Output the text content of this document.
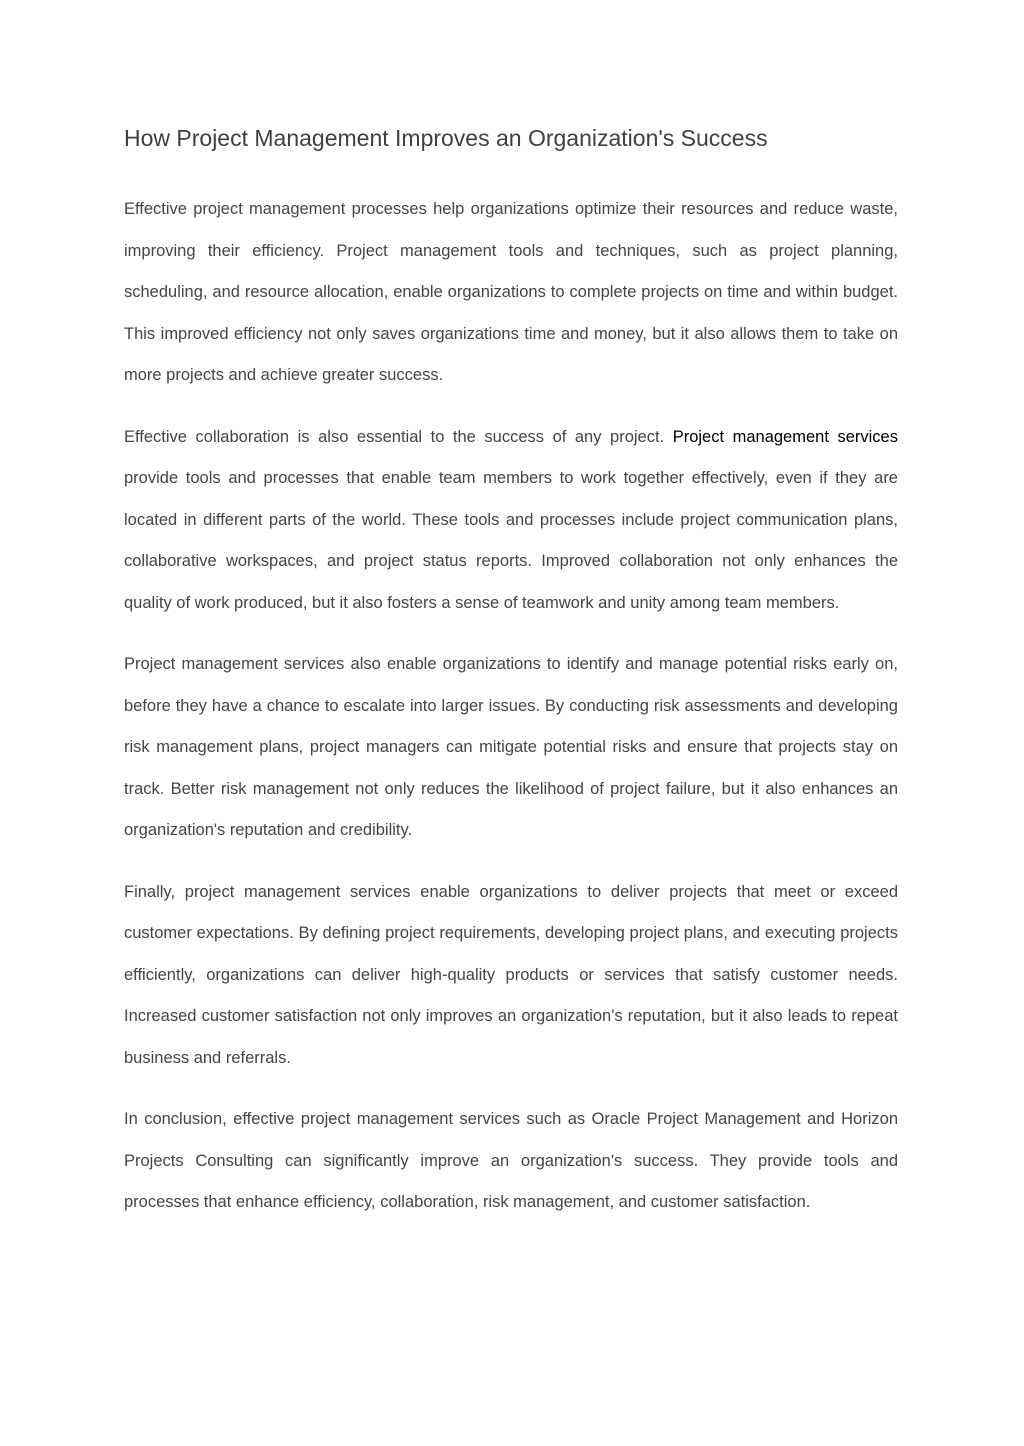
How Project Management Improves an Organization's Success

Effective project management processes help organizations optimize their resources and reduce waste, improving their efficiency. Project management tools and techniques, such as project planning, scheduling, and resource allocation, enable organizations to complete projects on time and within budget. This improved efficiency not only saves organizations time and money, but it also allows them to take on more projects and achieve greater success.

Effective collaboration is also essential to the success of any project. Project management services provide tools and processes that enable team members to work together effectively, even if they are located in different parts of the world. These tools and processes include project communication plans, collaborative workspaces, and project status reports. Improved collaboration not only enhances the quality of work produced, but it also fosters a sense of teamwork and unity among team members.

Project management services also enable organizations to identify and manage potential risks early on, before they have a chance to escalate into larger issues. By conducting risk assessments and developing risk management plans, project managers can mitigate potential risks and ensure that projects stay on track. Better risk management not only reduces the likelihood of project failure, but it also enhances an organization's reputation and credibility.

Finally, project management services enable organizations to deliver projects that meet or exceed customer expectations. By defining project requirements, developing project plans, and executing projects efficiently, organizations can deliver high-quality products or services that satisfy customer needs. Increased customer satisfaction not only improves an organization's reputation, but it also leads to repeat business and referrals.

In conclusion, effective project management services such as Oracle Project Management and Horizon Projects Consulting can significantly improve an organization's success. They provide tools and processes that enhance efficiency, collaboration, risk management, and customer satisfaction.
